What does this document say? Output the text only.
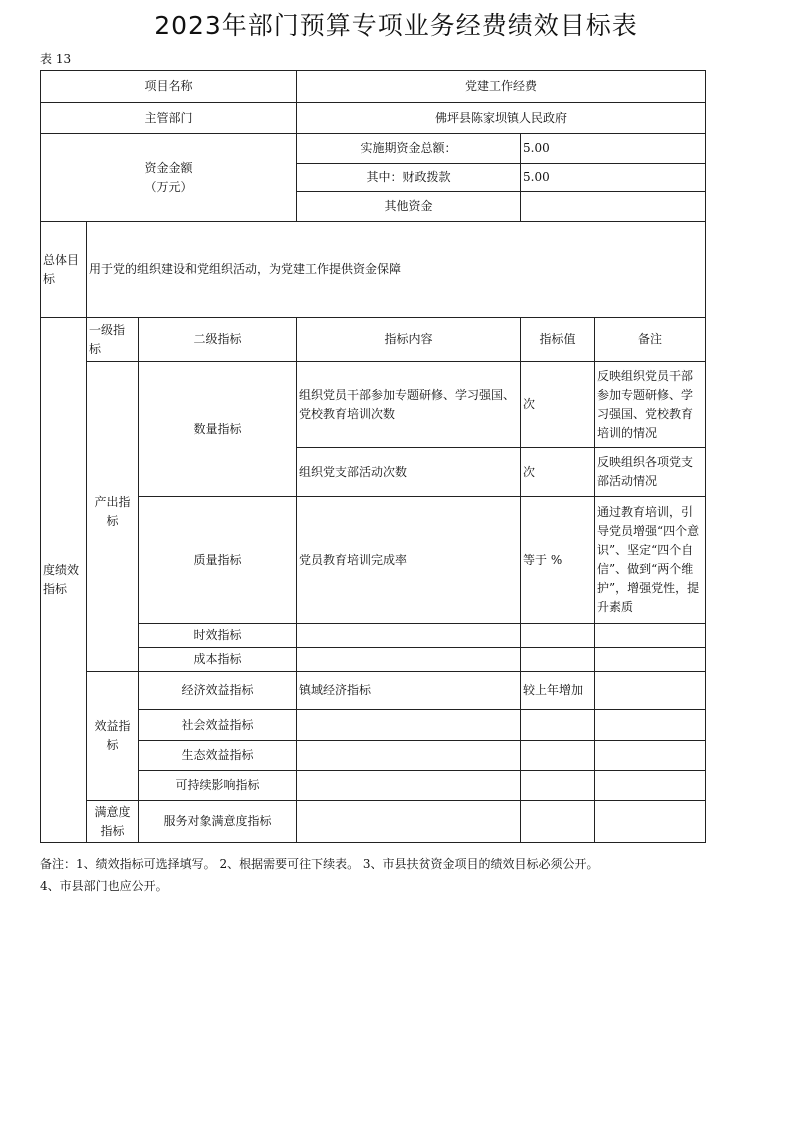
2023年部门预算专项业务经费绩效目标表
表 13
项目名称			党建工作经费		
主管部门			佛坪县陈家坝镇人民政府		

资金金额
（万元）			实施期资金总额：	5.00	
			其中：财政拨款	5.00	
			其他资金		
总体目标	用于党的组织建设和党组织活动，为党建工作提供资金保障				
度绩效指标	一级指标	二级指标	指标内容	指标值	备注
	产出指标	数量指标	组织党员干部参加专题研修、学习强国、党校教育培训次数	次	反映组织党员干部参加专题研修、学习强国、党校教育培训的情况
			组织党支部活动次数	次	反映组织各项党支部活动情况
		质量指标	党员教育培训完成率	等于 %	通过教育培训，引导党员增强“四个意识”、坚定“四个自信”、做到“两个维护”，增强党性，提升素质
		时效指标			
		成本指标			
	效益指标	经济效益指标	镇域经济指标	较上年增加	
		社会效益指标			
		生态效益指标			
		可持续影响指标			
	满意度指标	服务对象满意度指标			
备注：1、绩效指标可选择填写。 2、根据需要可往下续表。 3、市县扶贫资金项目的绩效目标必须公开。
4、市县部门也应公开。
